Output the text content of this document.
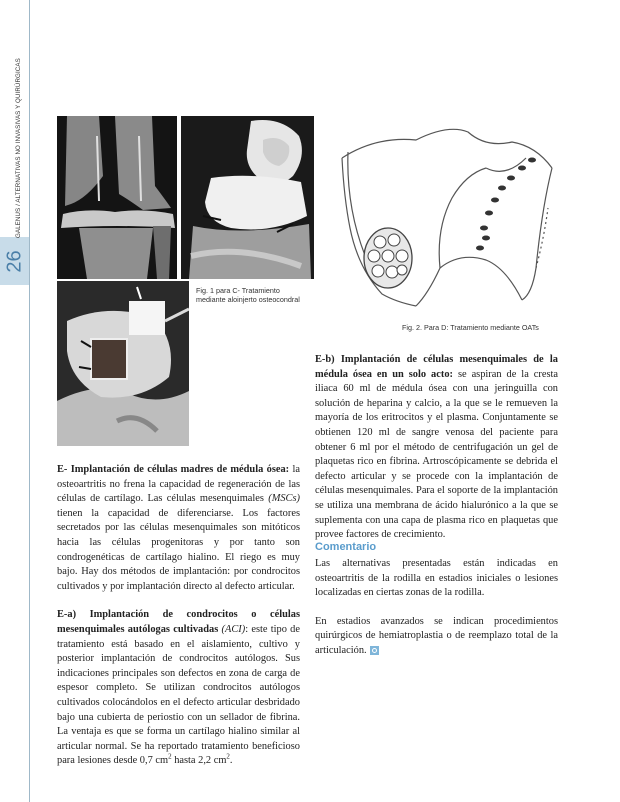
26
GALENUS / ALTERNATIVAS NO INVASIVAS Y QUIRÚRGICAS
Fig. 1 para C- Tratamiento mediante aloinjerto osteocondral
Fig. 2. Para D: Tratamiento mediante OATs

E- Implantación de células madres de médula ósea: la osteoartritis no frena la capacidad de regeneración de las células de cartílago. Las células mesenquimales (MSCs) tienen la capacidad de diferenciarse. Los factores secretados por las células mesenquimales son mitóticos hacia las células progenitoras y por tanto son condrogenéticas de cartílago hialino. El riego es muy bajo. Hay dos métodos de implantación: por condrocitos cultivados y por implantación directo al defecto articular.

E-a) Implantación de condrocitos o células mesenquimales autólogas cultivadas (ACI): este tipo de tratamiento está basado en el aislamiento, cultivo y posterior implantación de condrocitos autólogos. Sus indicaciones principales son defectos en zona de carga de espesor completo. Se utilizan condrocitos autólogos cultivados colocándolos en el defecto articular desbridado bajo una cubierta de periostio con un sellador de fibrina. La ventaja es que se forma un cartílago hialino similar al articular normal. Se ha reportado tratamiento beneficioso para lesiones desde 0,7 $cm^2$ hasta 2,2 $cm^2$.

E-b) Implantación de células mesenquimales de la médula ósea en un solo acto: se aspiran de la cresta iliaca 60 ml de médula ósea con una jeringuilla con solución de heparina y calcio, a la que se le remueven la mayoría de los eritrocitos y el plasma. Conjuntamente se obtienen 120 ml de sangre venosa del paciente para obtener 6 ml por el método de centrifugación un gel de plaquetas rico en fibrina. Artroscópicamente se debrida el defecto articular y se procede con la implantación de células mesenquimales. Para el soporte de la implantación se utiliza una membrana de ácido hialurónico a la que se suplementa con una capa de plasma rico en plaquetas que provee factores de crecimiento.

Comentario

Las alternativas presentadas están indicadas en osteoartritis de la rodilla en estadios iniciales o lesiones localizadas en ciertas zonas de la rodilla.

En estadios avanzados se indican procedimientos quirúrgicos de hemiatroplastia o de reemplazo total de la articulación.
